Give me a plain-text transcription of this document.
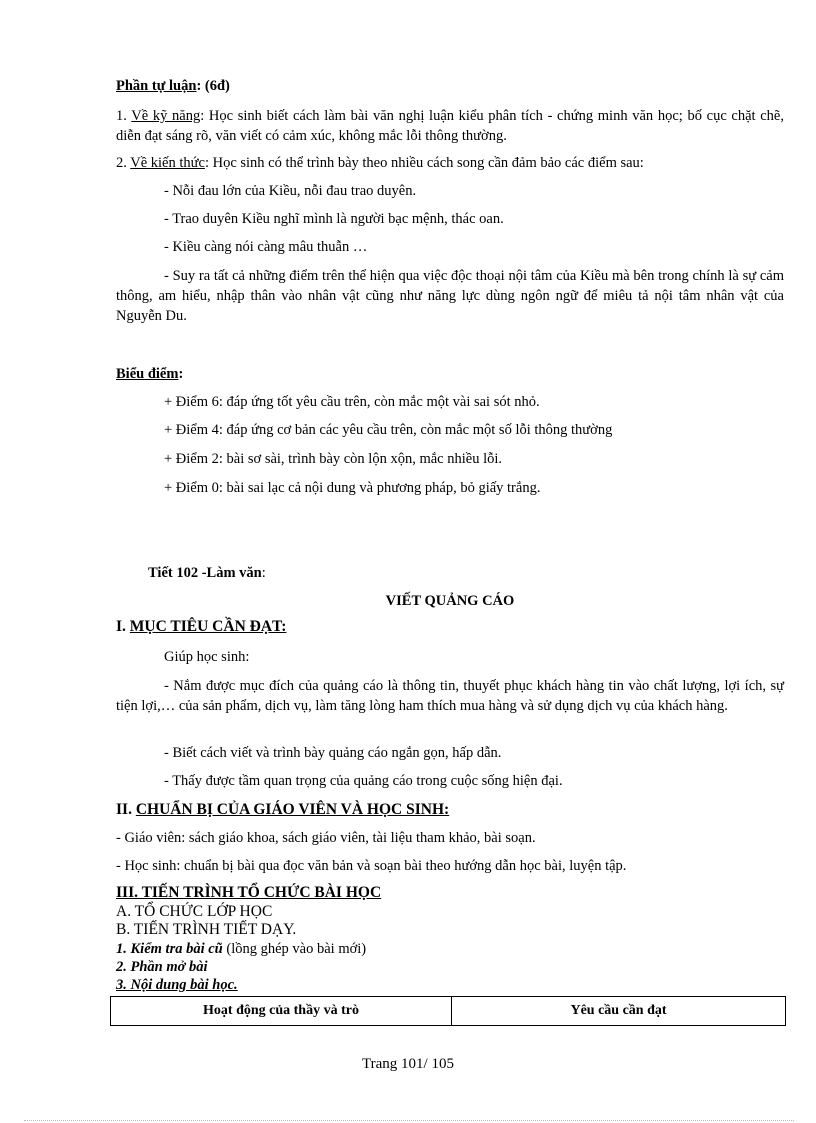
Phần tự luận: (6đ)
1. Về kỹ năng: Học sinh biết cách làm bài văn nghị luận kiểu phân tích - chứng minh văn học; bố cục chặt chẽ, diễn đạt sáng rõ, văn viết có cảm xúc, không mắc lỗi thông thường.
2. Về kiến thức: Học sinh có thể trình bày theo nhiều cách song cần đảm bảo các điểm sau:
- Nỗi đau lớn của Kiều, nỗi đau trao duyên.
- Trao duyên Kiều nghĩ mình là người bạc mệnh, thác oan.
- Kiều càng nói càng mâu thuẫn …
- Suy ra tất cả những điểm trên thể hiện qua việc độc thoại nội tâm của Kiều mà bên trong chính là sự cảm thông, am hiểu, nhập thân vào nhân vật cũng như năng lực dùng ngôn ngữ để miêu tả nội tâm nhân vật của Nguyễn Du.
Biểu điểm:
+ Điểm 6: đáp ứng tốt yêu cầu trên, còn mắc một vài sai sót nhỏ.
+ Điểm 4: đáp ứng cơ bản các yêu cầu trên, còn mắc một số lỗi thông thường
+ Điểm 2: bài sơ sài, trình bày còn lộn xộn, mắc nhiều lỗi.
+ Điểm 0: bài sai lạc cả nội dung và phương pháp, bỏ giấy trắng.
Tiết 102 -Làm văn:
VIẾT QUẢNG CÁO
I. MỤC TIÊU CẦN ĐẠT:
Giúp học sinh:
- Nắm được mục đích của quảng cáo là thông tin, thuyết phục khách hàng tin vào chất lượng, lợi ích, sự tiện lợi,… của sản phẩm, dịch vụ, làm tăng lòng ham thích mua hàng và sử dụng dịch vụ của khách hàng.
- Biết cách viết và trình bày quảng cáo ngắn gọn, hấp dẫn.
- Thấy được tầm quan trọng của quảng cáo trong cuộc sống hiện đại.
II. CHUẨN BỊ CỦA GIÁO VIÊN VÀ HỌC SINH:
- Giáo viên: sách giáo khoa, sách giáo viên, tài liệu tham khảo, bài soạn.
- Học sinh: chuẩn bị bài qua đọc văn bản và soạn bài theo hướng dẫn học bài, luyện tập.
III. TIẾN TRÌNH TỔ CHỨC BÀI HỌC
A. TỔ CHỨC LỚP HỌC
B. TIẾN TRÌNH TIẾT DẠY.
1. Kiểm tra bài cũ (lồng ghép vào bài mới)
2. Phần mở bài
3. Nội dung bài học.
Hoạt động của thầy và trò	Yêu cầu cần đạt
Trang 101/ 105
